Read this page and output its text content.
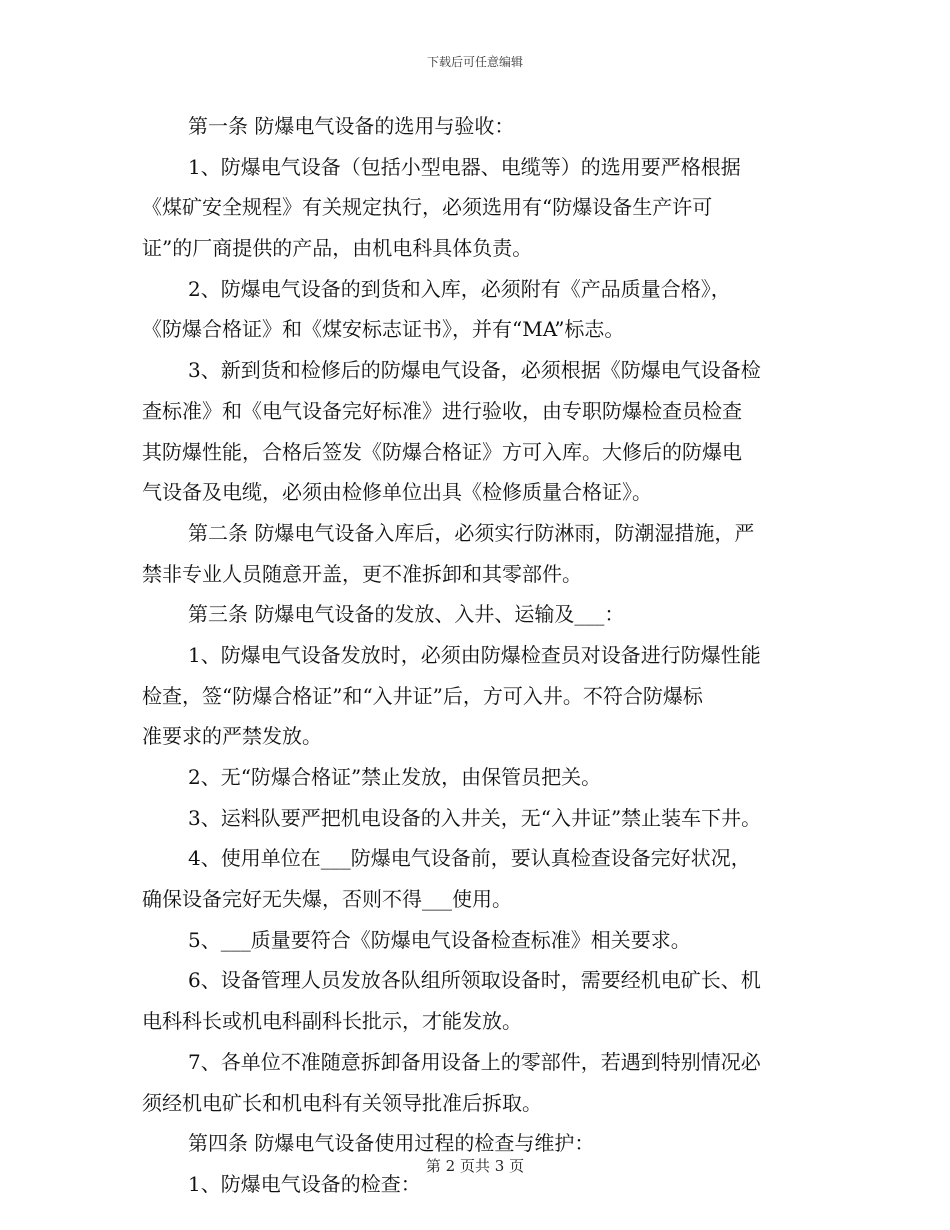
下载后可任意编辑
第一条 防爆电气设备的选用与验收：
1、防爆电气设备（包括小型电器、电缆等）的选用要严格根据
《煤矿安全规程》有关规定执行，必须选用有“防爆设备生产许可
证”的厂商提供的产品，由机电科具体负责。
2、防爆电气设备的到货和入库，必须附有《产品质量合格》，
《防爆合格证》和《煤安标志证书》，并有“MA”标志。
3、新到货和检修后的防爆电气设备，必须根据《防爆电气设备检
查标准》和《电气设备完好标准》进行验收，由专职防爆检查员检查
其防爆性能，合格后签发《防爆合格证》方可入库。大修后的防爆电
气设备及电缆，必须由检修单位出具《检修质量合格证》。
第二条 防爆电气设备入库后，必须实行防淋雨，防潮湿措施，严
禁非专业人员随意开盖，更不准拆卸和其零部件。
第三条 防爆电气设备的发放、入井、运输及___：
1、防爆电气设备发放时，必须由防爆检查员对设备进行防爆性能
检查，签“防爆合格证”和“入井证”后，方可入井。不符合防爆标
准要求的严禁发放。
2、无“防爆合格证”禁止发放，由保管员把关。
3、运料队要严把机电设备的入井关，无“入井证”禁止装车下井。
4、使用单位在___防爆电气设备前，要认真检查设备完好状况，
确保设备完好无失爆，否则不得___使用。
5、___质量要符合《防爆电气设备检查标准》相关要求。
6、设备管理人员发放各队组所领取设备时，需要经机电矿长、机
电科科长或机电科副科长批示，才能发放。
7、各单位不准随意拆卸备用设备上的零部件，若遇到特别情况必
须经机电矿长和机电科有关领导批准后拆取。
第四条 防爆电气设备使用过程的检查与维护：
1、防爆电气设备的检查：
第 2 页共 3 页
